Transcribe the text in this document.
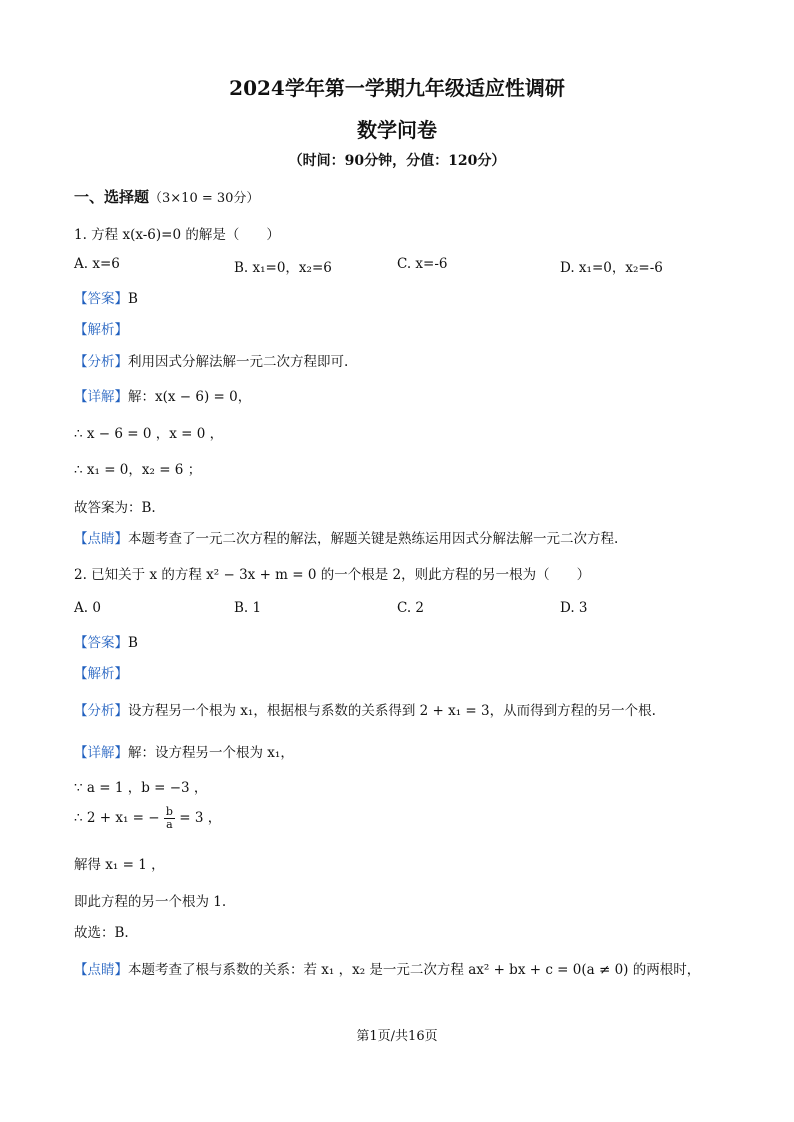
2024学年第一学期九年级适应性调研
数学问卷
（时间：90分钟，分值：120分）
一、选择题（3×10 = 30分）
1. 方程 x(x-6)=0 的解是（　　）
A. x=6	B. x₁=0，x₂=6	C. x=-6	D. x₁=0，x₂=-6
【答案】B
【解析】
【分析】利用因式分解法解一元二次方程即可.
【详解】解：x(x − 6) = 0，
∴ x − 6 = 0 ，x = 0 ，
∴ x₁ = 0，x₂ = 6 ；
故答案为：B.
【点睛】本题考查了一元二次方程的解法，解题关键是熟练运用因式分解法解一元二次方程.
2. 已知关于 x 的方程 x² − 3x + m = 0 的一个根是 2，则此方程的另一根为（　　）
A. 0	B. 1	C. 2	D. 3
【答案】B
【解析】
【分析】设方程另一个根为 x₁，根据根与系数的关系得到 2 + x₁ = 3，从而得到方程的另一个根.
【详解】解：设方程另一个根为 x₁，
∵ a = 1 ，b = −3 ，
∴ 2 + x₁ = − $\frac{b}{a} = 3$ ，
解得 x₁ = 1 ，
即此方程的另一个根为 1.
故选：B.
【点睛】本题考查了根与系数的关系：若 x₁ ，x₂ 是一元二次方程 ax² + bx + c = 0(a ≠ 0) 的两根时，
第1页/共16页
